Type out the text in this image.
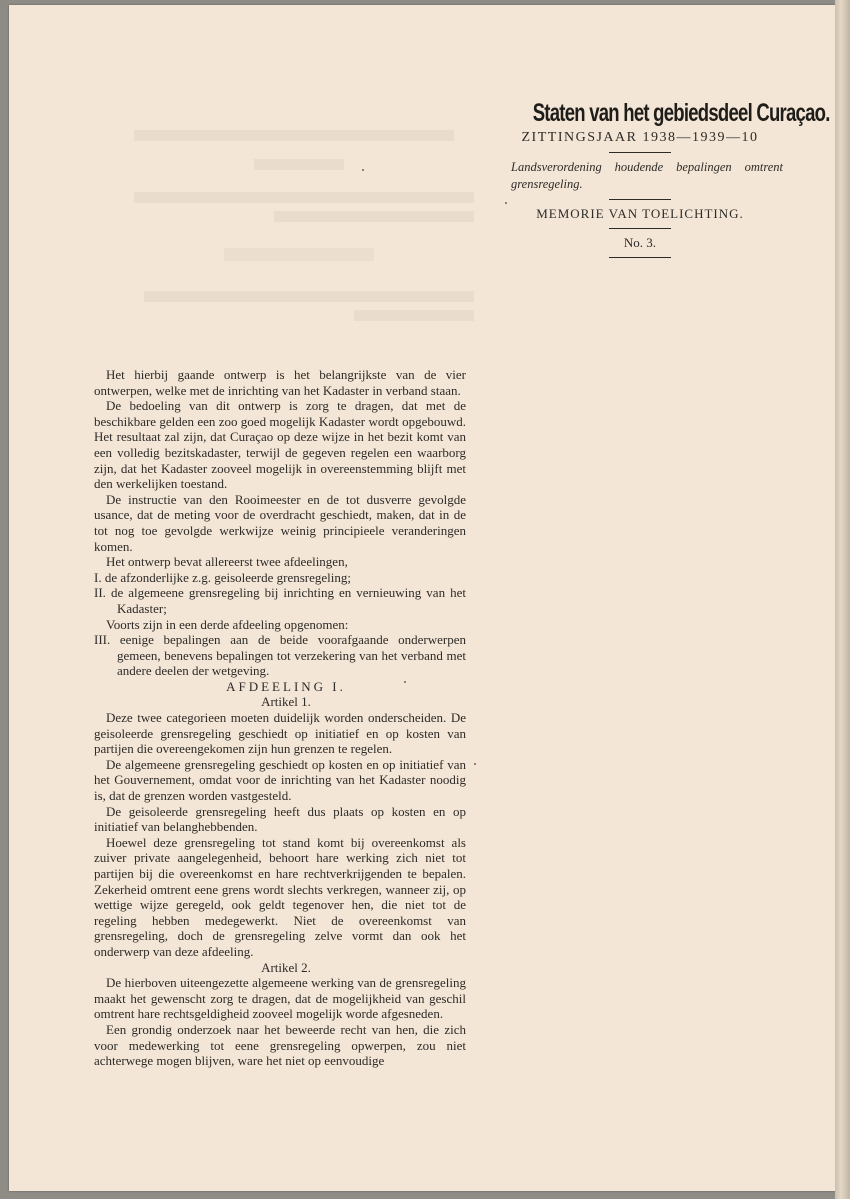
Staten van het gebiedsdeel Curaçao.
ZITTINGSJAAR 1938—1939—10
Landsverordening houdende bepalingen omtrent grensregeling.
MEMORIE VAN TOELICHTING.
No. 3.

Het hierbij gaande ontwerp is het belangrijkste van de vier ontwerpen, welke met de inrichting van het Kadaster in verband staan.

De bedoeling van dit ontwerp is zorg te dragen, dat met de beschikbare gelden een zoo goed mogelijk Kadaster wordt opgebouwd. Het resultaat zal zijn, dat Curaçao op deze wijze in het bezit komt van een volledig bezitskadaster, terwijl de gegeven regelen een waarborg zijn, dat het Kadaster zooveel mogelijk in overeenstemming blijft met den werkelijken toestand.

De instructie van den Rooimeester en de tot dusverre gevolgde usance, dat de meting voor de overdracht geschiedt, maken, dat in de tot nog toe gevolgde werkwijze weinig principieele veranderingen komen.

Het ontwerp bevat allereerst twee afdeelingen,

I. de afzonderlijke z.g. geisoleerde grensregeling;

II. de algemeene grensregeling bij inrichting en vernieuwing van het Kadaster;

Voorts zijn in een derde afdeeling opgenomen:

III. eenige bepalingen aan de beide voorafgaande onderwerpen gemeen, benevens bepalingen tot verzekering van het verband met andere deelen der wetgeving.

AFDEELING I.

Artikel 1.

Deze twee categorieen moeten duidelijk worden onderscheiden. De geisoleerde grensregeling geschiedt op initiatief en op kosten van partijen die overeengekomen zijn hun grenzen te regelen.

De algemeene grensregeling geschiedt op kosten en op initiatief van het Gouvernement, omdat voor de inrichting van het Kadaster noodig is, dat de grenzen worden vastgesteld.

De geisoleerde grensregeling heeft dus plaats op kosten en op initiatief van belanghebbenden.

Hoewel deze grensregeling tot stand komt bij overeenkomst als zuiver private aangelegenheid, behoort hare werking zich niet tot partijen bij die overeenkomst en hare rechtverkrijgenden te bepalen. Zekerheid omtrent eene grens wordt slechts verkregen, wanneer zij, op wettige wijze geregeld, ook geldt tegenover hen, die niet tot de regeling hebben medegewerkt. Niet de overeenkomst van grensregeling, doch de grensregeling zelve vormt dan ook het onderwerp van deze afdeeling.

Artikel 2.

De hierboven uiteengezette algemeene werking van de grensregeling maakt het gewenscht zorg te dragen, dat de mogelijkheid van geschil omtrent hare rechtsgeldigheid zooveel mogelijk worde afgesneden.

Een grondig onderzoek naar het beweerde recht van hen, die zich voor medewerking tot eene grensregeling opwerpen, zou niet achterwege mogen blijven, ware het niet op eenvoudige
